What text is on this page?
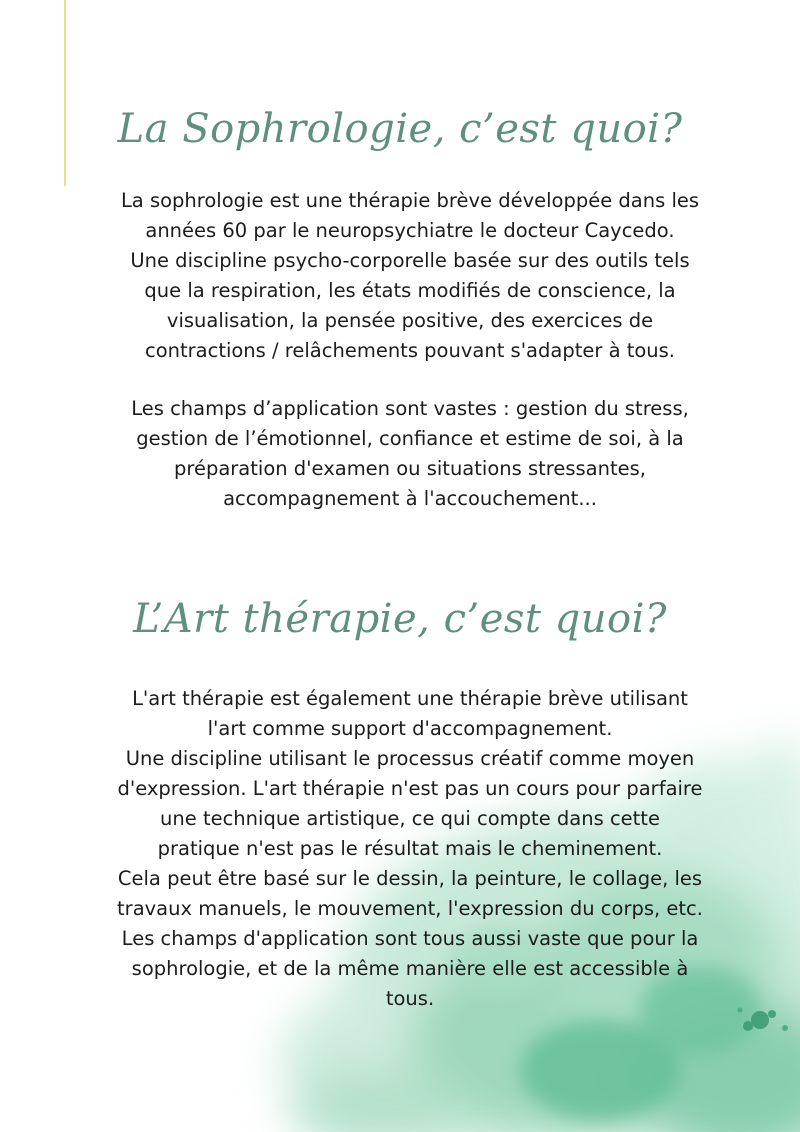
La Sophrologie, c’est quoi?

La sophrologie est une thérapie brève développée dans les
années 60 par le neuropsychiatre le docteur Caycedo.
Une discipline psycho-corporelle basée sur des outils tels
que la respiration, les états modifiés de conscience, la
visualisation, la pensée positive, des exercices de
contractions / relâchements pouvant s'adapter à tous.

Les champs d’application sont vastes : gestion du stress,
gestion de l’émotionnel, confiance et estime de soi, à la
préparation d'examen ou situations stressantes,
accompagnement à l'accouchement...

L’Art thérapie, c’est quoi?

L'art thérapie est également une thérapie brève utilisant
l'art comme support d'accompagnement.
Une discipline utilisant le processus créatif comme moyen
d'expression. L'art thérapie n'est pas un cours pour parfaire
une technique artistique, ce qui compte dans cette
pratique n'est pas le résultat mais le cheminement.
Cela peut être basé sur le dessin, la peinture, le collage, les
travaux manuels, le mouvement, l'expression du corps, etc.
Les champs d'application sont tous aussi vaste que pour la
sophrologie, et de la même manière elle est accessible à
tous.
